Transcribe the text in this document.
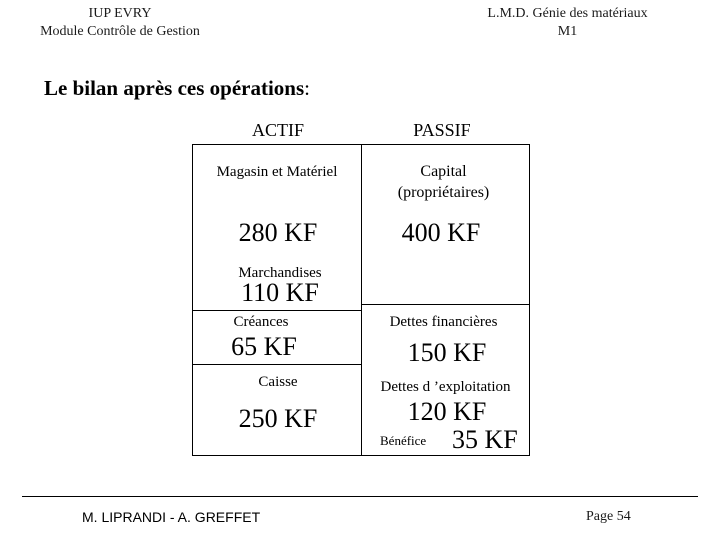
IUP EVRY
Module Contrôle de Gestion
L.M.D. Génie des matériaux
M1
Le bilan après ces opérations:
ACTIF	PASSIF
Magasin et Matériel
280 KF
Marchandises
110 KF
Créances
65 KF
Caisse
250 KF
Capital
(propriétaires)
400 KF
Dettes financières
150 KF
Dettes d ’exploitation
120 KF
Bénéfice 35 KF
M. LIPRANDI - A. GREFFET	Page 54
